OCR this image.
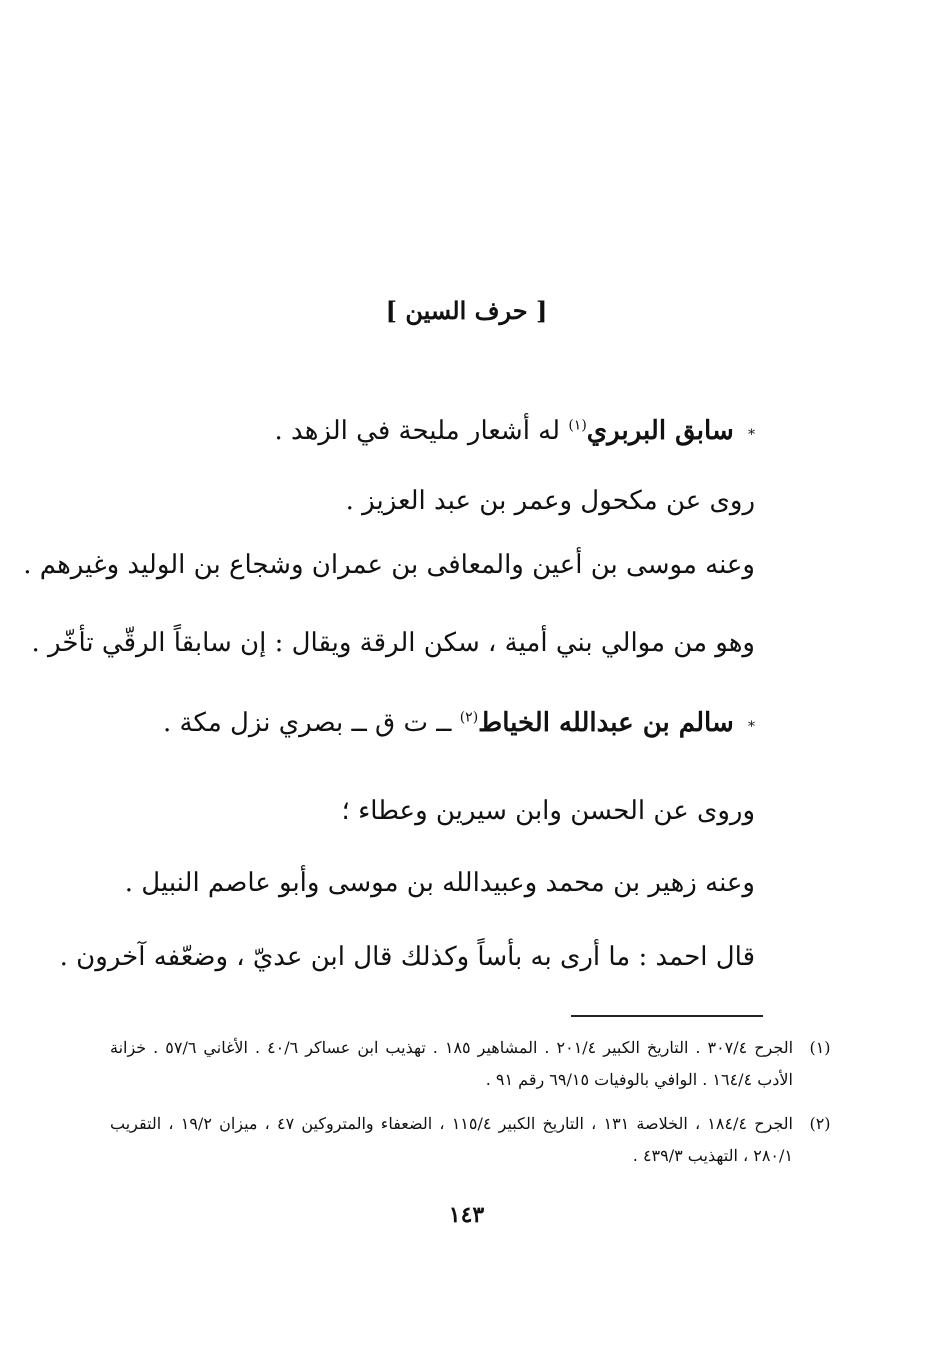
[ حرف السين ]
* سابق البربري$^{(١)}$ له أشعار مليحة في الزهد .
روى عن مكحول وعمر بن عبد العزيز .
وعنه موسى بن أعين والمعافى بن عمران وشجاع بن الوليد وغيرهم .
وهو من موالي بني أمية ، سكن الرقة ويقال : إن سابقاً الرقّي تأخّر .
* سالم بن عبدالله الخياط$^{(٢)}$ ــ ت ق ــ بصري نزل مكة .
وروى عن الحسن وابن سيرين وعطاء ؛
وعنه زهير بن محمد وعبيدالله بن موسى وأبو عاصم النبيل .
قال احمد : ما أرى به بأساً وكذلك قال ابن عديّ ، وضعّفه آخرون .
(١)
الجرح ٣٠٧/٤ . التاريخ الكبير ٢٠١/٤ . المشاهير ١٨٥ . تهذيب ابن عساكر ٤٠/٦ . الأغاني ٥٧/٦ . خزانة الأدب ١٦٤/٤ . الوافي بالوفيات ٦٩/١٥ رقم ٩١ .
(٢)
الجرح ١٨٤/٤ ، الخلاصة ١٣١ ، التاريخ الكبير ١١٥/٤ ، الضعفاء والمتروكين ٤٧ ، ميزان ١٩/٢ ، التقريب ٢٨٠/١ ، التهذيب ٤٣٩/٣ .
١٤٣
